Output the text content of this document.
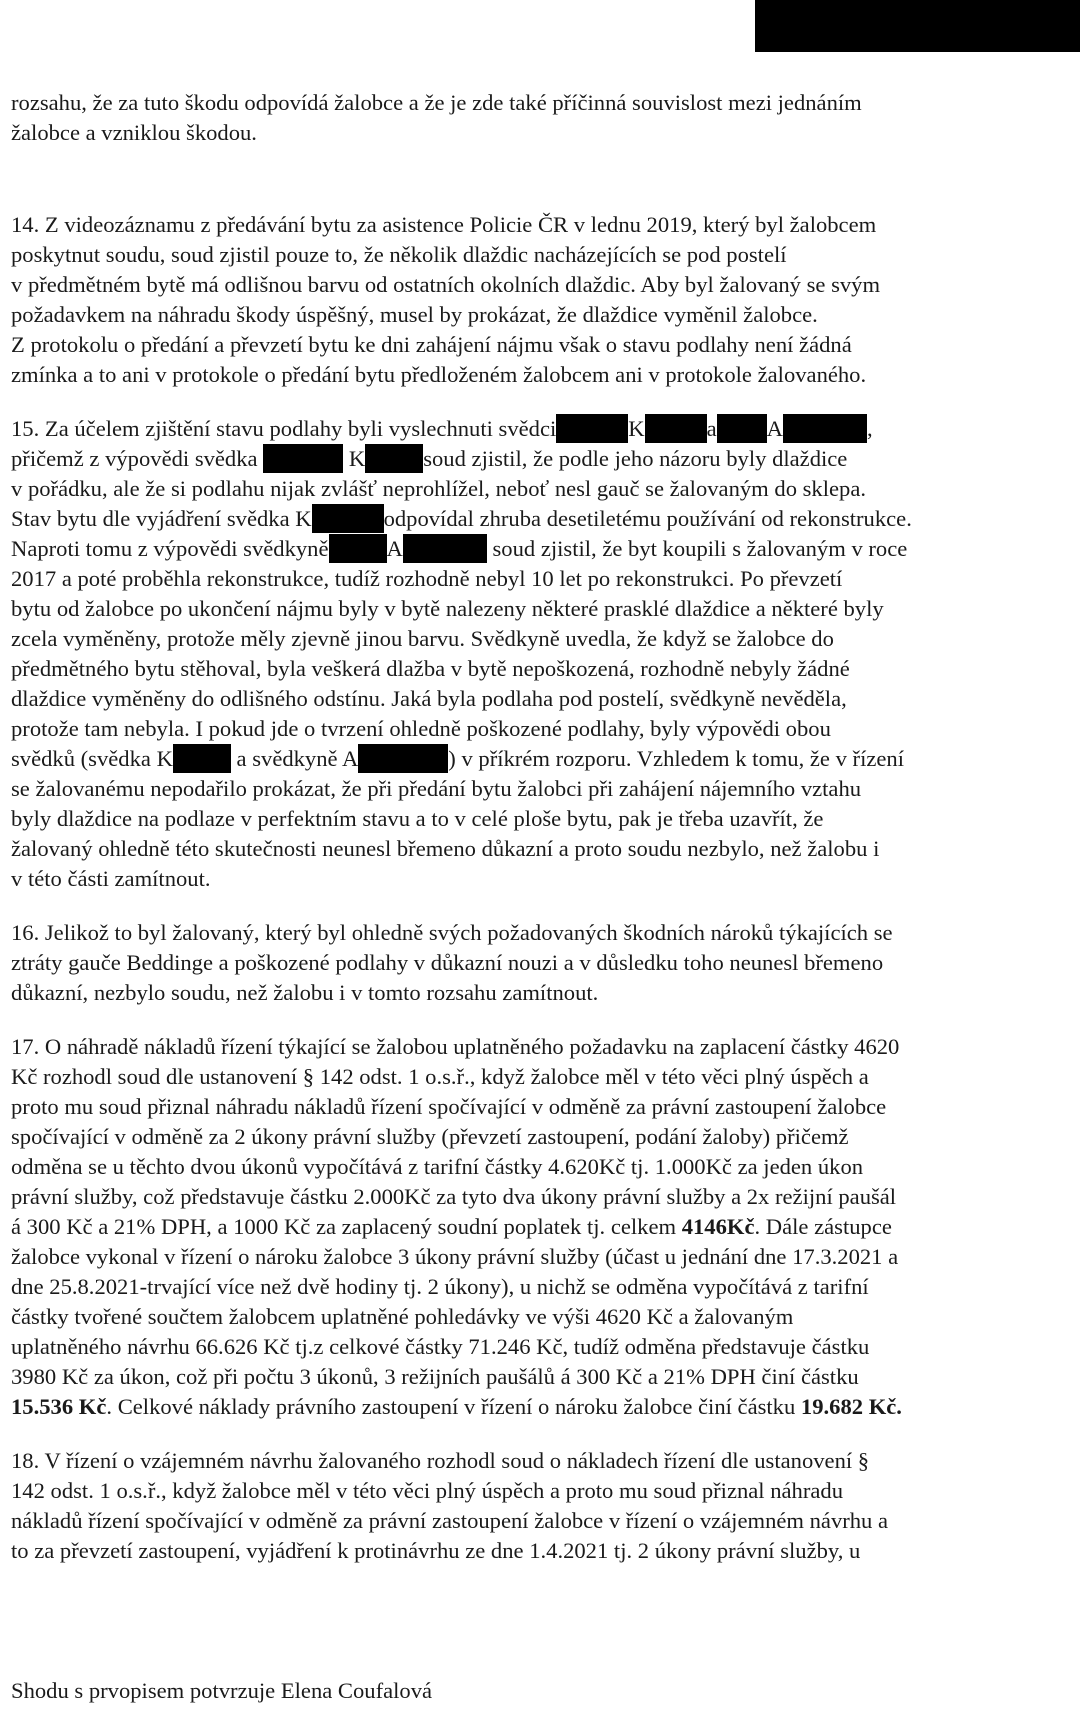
rozsahu, že za tuto škodu odpovídá žalobce a že je zde také příčinná souvislost mezi jednáním
žalobce a vzniklou škodou.

14. Z videozáznamu z předávání bytu za asistence Policie ČR v lednu 2019, který byl žalobcem
poskytnut soudu, soud zjistil pouze to, že několik dlaždic nacházejících se pod postelí
v předmětném bytě má odlišnou barvu od ostatních okolních dlaždic. Aby byl žalovaný se svým
požadavkem na náhradu škody úspěšný, musel by prokázat, že dlaždice vyměnil žalobce.
Z protokolu o předání a převzetí bytu ke dni zahájení nájmu však o stavu podlahy není žádná
zmínka a to ani v protokole o předání bytu předloženém žalobcem ani v protokole žalovaného.

15. Za účelem zjištění stavu podlahy byli vyslechnuti svědci	K	a A	,
přičemž z výpovědi svědka	K	soud zjistil, že podle jeho názoru byly dlaždice
v pořádku, ale že si podlahu nijak zvlášť neprohlížel, neboť nesl gauč se žalovaným do sklepa.
Stav bytu dle vyjádření svědka K	odpovídal zhruba desetiletému používání od rekonstrukce.
Naproti tomu z výpovědi svědkyně	A	soud zjistil, že byt koupili s žalovaným v roce
2017 a poté proběhla rekonstrukce, tudíž rozhodně nebyl 10 let po rekonstrukci. Po převzetí
bytu od žalobce po ukončení nájmu byly v bytě nalezeny některé prasklé dlaždice a některé byly
zcela vyměněny, protože měly zjevně jinou barvu. Svědkyně uvedla, že když se žalobce do
předmětného bytu stěhoval, byla veškerá dlažba v bytě nepoškozená, rozhodně nebyly žádné
dlaždice vyměněny do odlišného odstínu. Jaká byla podlaha pod postelí, svědkyně nevěděla,
protože tam nebyla. I pokud jde o tvrzení ohledně poškozené podlahy, byly výpovědi obou
svědků (svědka K	a svědkyně A	) v příkrém rozporu. Vzhledem k tomu, že v řízení
se žalovanému nepodařilo prokázat, že při předání bytu žalobci při zahájení nájemního vztahu
byly dlaždice na podlaze v perfektním stavu a to v celé ploše bytu, pak je třeba uzavřít, že
žalovaný ohledně této skutečnosti neunesl břemeno důkazní a proto soudu nezbylo, než žalobu i
v této části zamítnout.

16. Jelikož to byl žalovaný, který byl ohledně svých požadovaných škodních nároků týkajících se
ztráty gauče Beddinge a poškozené podlahy v důkazní nouzi a v důsledku toho neunesl břemeno
důkazní, nezbylo soudu, než žalobu i v tomto rozsahu zamítnout.

17. O náhradě nákladů řízení týkající se žalobou uplatněného požadavku na zaplacení částky 4620
Kč rozhodl soud dle ustanovení § 142 odst. 1 o.s.ř., když žalobce měl v této věci plný úspěch a
proto mu soud přiznal náhradu nákladů řízení spočívající v odměně za právní zastoupení žalobce
spočívající v odměně za 2 úkony právní služby (převzetí zastoupení, podání žaloby) přičemž
odměna se u těchto dvou úkonů vypočítává z tarifní částky 4.620Kč tj. 1.000Kč za jeden úkon
právní služby, což představuje částku 2.000Kč za tyto dva úkony právní služby a 2x režijní paušál
á 300 Kč a 21% DPH, a 1000 Kč za zaplacený soudní poplatek tj. celkem 4146Kč. Dále zástupce
žalobce vykonal v řízení o nároku žalobce 3 úkony právní služby (účast u jednání dne 17.3.2021 a
dne 25.8.2021-trvající více než dvě hodiny tj. 2 úkony), u nichž se odměna vypočítává z tarifní
částky tvořené součtem žalobcem uplatněné pohledávky ve výši 4620 Kč a žalovaným
uplatněného návrhu 66.626 Kč tj.z celkové částky 71.246 Kč, tudíž odměna představuje částku
3980 Kč za úkon, což při počtu 3 úkonů, 3 režijních paušálů á 300 Kč a 21% DPH činí částku
15.536 Kč. Celkové náklady právního zastoupení v řízení o nároku žalobce činí částku 19.682 Kč.

18. V řízení o vzájemném návrhu žalovaného rozhodl soud o nákladech řízení dle ustanovení §
142 odst. 1 o.s.ř., když žalobce měl v této věci plný úspěch a proto mu soud přiznal náhradu
nákladů řízení spočívající v odměně za právní zastoupení žalobce v řízení o vzájemném návrhu a
to za převzetí zastoupení, vyjádření k protinávrhu ze dne 1.4.2021 tj. 2 úkony právní služby, u

Shodu s prvopisem potvrzuje Elena Coufalová
